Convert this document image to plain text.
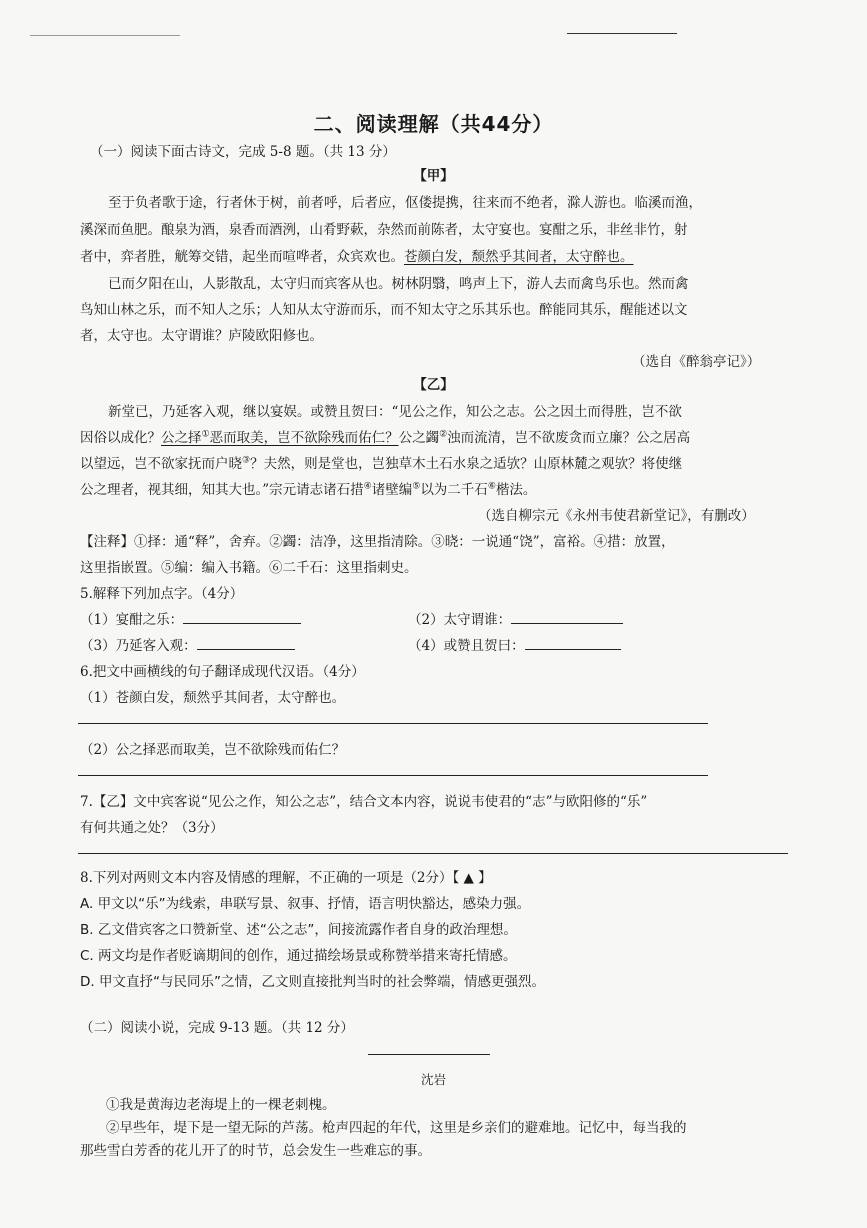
二、阅读理解（共44分）
（一）阅读下面古诗文，完成 5-8 题。（共 13 分）
【甲】
至于负者歌于途，行者休于树，前者呼，后者应，伛偻提携，往来而不绝者，滁人游也。临溪而渔，
溪深而鱼肥。酿泉为酒，泉香而酒洌，山肴野蔌，杂然而前陈者，太守宴也。宴酣之乐，非丝非竹，射
者中，弈者胜，觥筹交错，起坐而喧哗者，众宾欢也。苍颜白发，颓然乎其间者，太守醉也。
已而夕阳在山，人影散乱，太守归而宾客从也。树林阴翳，鸣声上下，游人去而禽鸟乐也。然而禽
鸟知山林之乐，而不知人之乐；人知从太守游而乐，而不知太守之乐其乐也。醉能同其乐，醒能述以文
者，太守也。太守谓谁？庐陵欧阳修也。
（选自《醉翁亭记》）
【乙】
新堂已，乃延客入观，继以宴娱。或赞且贺曰：“见公之作，知公之志。公之因土而得胜，岂不欲
因俗以成化？公之择①恶而取美，岂不欲除残而佑仁？公之蠲②浊而流清，岂不欲废贪而立廉？公之居高
以望远，岂不欲家抚而户晓③？夫然，则是堂也，岂独草木土石水泉之适欤？山原林麓之观欤？将使继
公之理者，视其细，知其大也。”宗元请志诸石措④诸壁编⑤以为二千石⑥楷法。
（选自柳宗元《永州韦使君新堂记》，有删改）
【注释】①择：通“释”，舍弃。②蠲：洁净，这里指清除。③晓：一说通“饶”，富裕。④措：放置，
这里指嵌置。⑤编：编入书籍。⑥二千石：这里指刺史。
5.解释下列加点字。（4分）
（1）宴酣之乐：	（2）太守谓谁：
（3）乃延客入观：	（4）或赞且贺曰：
6.把文中画横线的句子翻译成现代汉语。（4分）
（1）苍颜白发，颓然乎其间者，太守醉也。
（2）公之择恶而取美，岂不欲除残而佑仁？
7.【乙】文中宾客说“见公之作，知公之志”，结合文本内容，说说韦使君的“志”与欧阳修的“乐”
有何共通之处？（3分）
8.下列对两则文本内容及情感的理解，不正确的一项是（2分）【 ▲ 】
A. 甲文以“乐”为线索，串联写景、叙事、抒情，语言明快豁达，感染力强。
B. 乙文借宾客之口赞新堂、述“公之志”，间接流露作者自身的政治理想。
C. 两文均是作者贬谪期间的创作，通过描绘场景或称赞举措来寄托情感。
D. 甲文直抒“与民同乐”之情，乙文则直接批判当时的社会弊端，情感更强烈。
（二）阅读小说，完成 9-13 题。（共 12 分）
沈岩
①我是黄海边老海堤上的一棵老刺槐。
②早些年，堤下是一望无际的芦荡。枪声四起的年代，这里是乡亲们的避难地。记忆中，每当我的
那些雪白芳香的花儿开了的时节，总会发生一些难忘的事。
